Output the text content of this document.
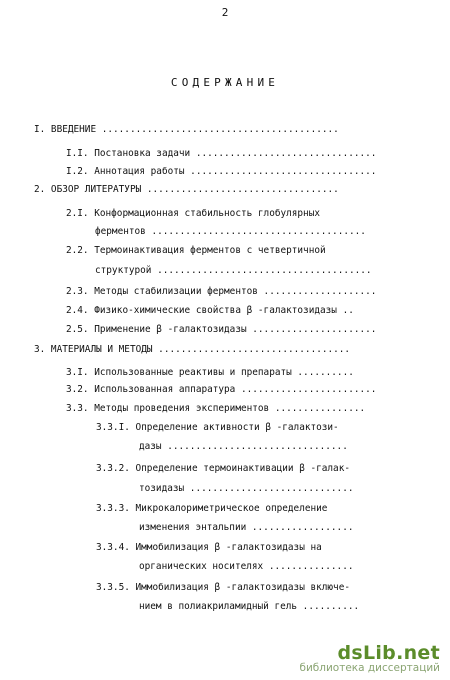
2
СОДЕРЖАНИЕ
I. ВВЕДЕНИЕ ..........................................
I.I. Постановка задачи ................................
I.2. Аннотация работы .................................
2. ОБЗОР ЛИТЕРАТУРЫ ..................................
2.I. Конформационная стабильность глобулярных
ферментов ......................................
2.2. Термоинактивация ферментов с четвертичной
структурой ......................................
2.3. Методы стабилизации ферментов ....................
2.4. Физико-химические свойства β -галактозидазы ..
2.5. Применение β -галактозидазы ......................
3. МАТЕРИАЛЫ И МЕТОДЫ ..................................
3.I. Использованные реактивы и препараты ..........
3.2. Использованная аппаратура ........................
3.3. Методы проведения экспериментов ................
3.3.I. Определение активности β -галактози-
дазы ................................
3.3.2. Определение термоинактивации β -галак-
тозидазы .............................
3.3.3. Микрокалориметрическое определение
изменения энтальпии ..................
3.3.4. Иммобилизация β -галактозидазы на
органических носителях ...............
3.3.5. Иммобилизация β -галактозидазы включе-
нием в полиакриламидный гель ..........
dsLib.net
библиотека диссертаций
